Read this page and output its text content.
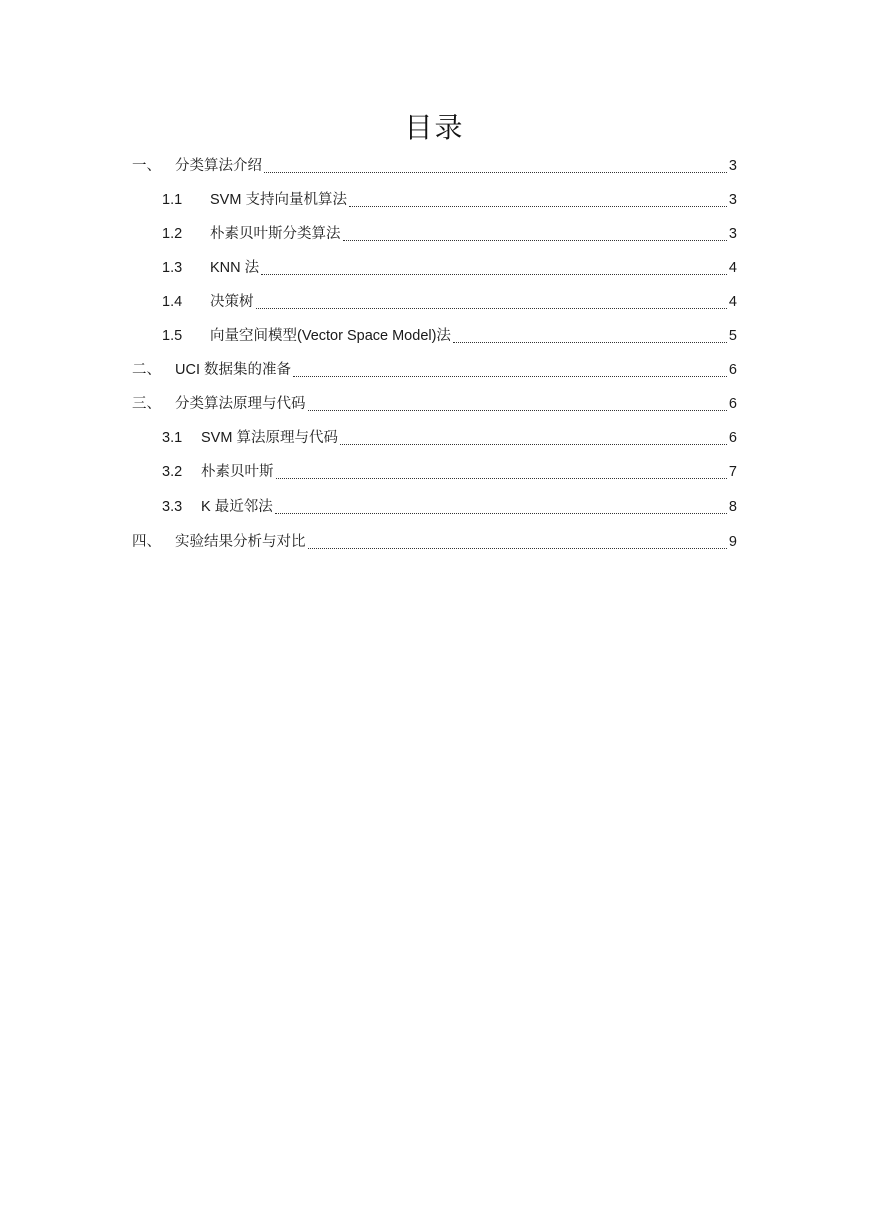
目录
一、 分类算法介绍	3
1.1	SVM 支持向量机算法	3
1.2	朴素贝叶斯分类算法	3
1.3	KNN 法	4
1.4	决策树	4
1.5	向量空间模型(Vector Space Model)法	5
二、 UCI 数据集的准备	6
三、 分类算法原理与代码	6
3.1	SVM 算法原理与代码	6
3.2	朴素贝叶斯	7
3.3	K 最近邻法	8
四、 实验结果分析与对比	9
